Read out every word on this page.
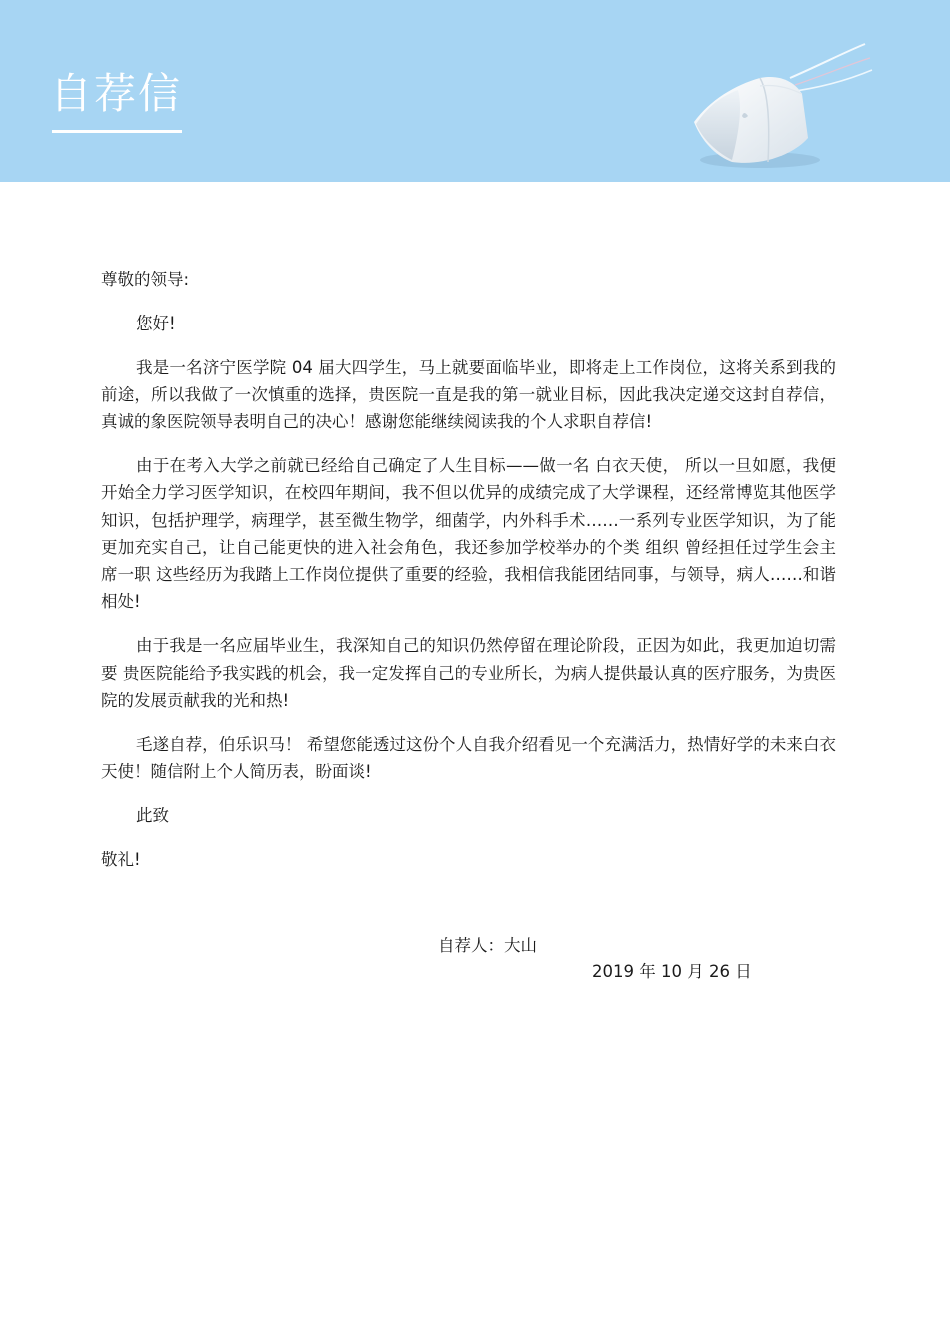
自荐信

尊敬的领导:

您好!

我是一名济宁医学院 04 届大四学生，马上就要面临毕业，即将走上工作岗位，这将关系到我的前途，所以我做了一次慎重的选择，贵医院一直是我的第一就业目标，因此我决定递交这封自荐信，真诚的象医院领导表明自己的决心！感谢您能继续阅读我的个人求职自荐信!

由于在考入大学之前就已经给自己确定了人生目标——做一名 白衣天使， 所以一旦如愿，我便开始全力学习医学知识，在校四年期间，我不但以优异的成绩完成了大学课程，还经常博览其他医学知识，包括护理学，病理学，甚至微生物学，细菌学，内外科手术……一系列专业医学知识，为了能更加充实自己，让自己能更快的进入社会角色，我还参加学校举办的个类 组织 曾经担任过学生会主席一职 这些经历为我踏上工作岗位提供了重要的经验，我相信我能团结同事，与领导，病人……和谐相处!

由于我是一名应届毕业生，我深知自己的知识仍然停留在理论阶段，正因为如此，我更加迫切需要 贵医院能给予我实践的机会，我一定发挥自己的专业所长，为病人提供最认真的医疗服务，为贵医院的发展贡献我的光和热!

毛遂自荐，伯乐识马！ 希望您能透过这份个人自我介绍看见一个充满活力，热情好学的未来白衣天使！随信附上个人简历表，盼面谈!

此致

敬礼!

自荐人：大山
2019 年 10 月 26 日
